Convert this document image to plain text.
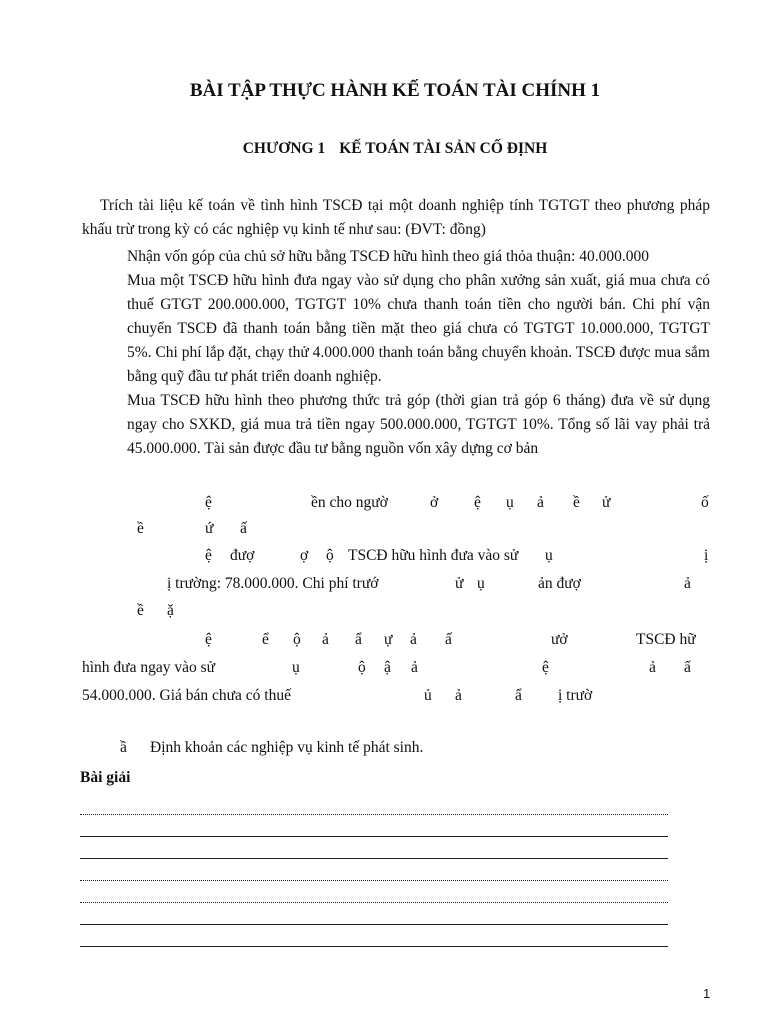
BÀI TẬP THỰC HÀNH KẾ TOÁN TÀI CHÍNH 1
CHƯƠNG 1 KẾ TOÁN TÀI SẢN CỐ ĐỊNH

Trích tài liệu kế toán về tình hình TSCĐ tại một doanh nghiệp tính TGTGT theo phương pháp khấu trừ trong kỳ có các nghiệp vụ kinh tế như sau: (ĐVT: đồng)

Nhận vốn góp của chủ sở hữu bằng TSCĐ hữu hình theo giá thỏa thuận: 40.000.000

Mua một TSCĐ hữu hình đưa ngay vào sử dụng cho phân xưởng sản xuất, giá mua chưa có thuế GTGT 200.000.000, TGTGT 10% chưa thanh toán tiền cho người bán. Chi phí vận chuyển TSCĐ đã thanh toán bằng tiền mặt theo giá chưa có TGTGT 10.000.000, TGTGT 5%. Chi phí lắp đặt, chạy thử 4.000.000 thanh toán bằng chuyển khoản. TSCĐ được mua sắm bằng quỹ đầu tư phát triển doanh nghiệp.

Mua TSCĐ hữu hình theo phương thức trả góp (thời gian trả góp 6 tháng) đưa về sử dụng ngay cho SXKD, giá mua trả tiền ngay 500.000.000, TGTGT 10%. Tổng số lãi vay phải trả 45.000.000. Tài sản được đầu tư bằng nguồn vốn xây dựng cơ bản

ệ	ền cho ngườ	ở ệ ụ ả ề ử	ố
ề	ứ ấ
ệ đượ	ợ ộ TSCĐ hữu hình đưa vào sử ụ	ị
ị trường: 78.000.000. Chi phí trướ	ử ụ	ản đượ	ả
ề ặ
ệ	ể ộ ả ẩ ự ả ấ	ưở	TSCĐ hữ
hình đưa ngay vào sử	ụ	ộ ậ ả	ệ	ả ẩ
54.000.000. Giá bán chưa có thuế	ủ ả	ẩ ị trườ
ầ Định khoản các nghiệp vụ kinh tế phát sinh.
Bài giải
1
